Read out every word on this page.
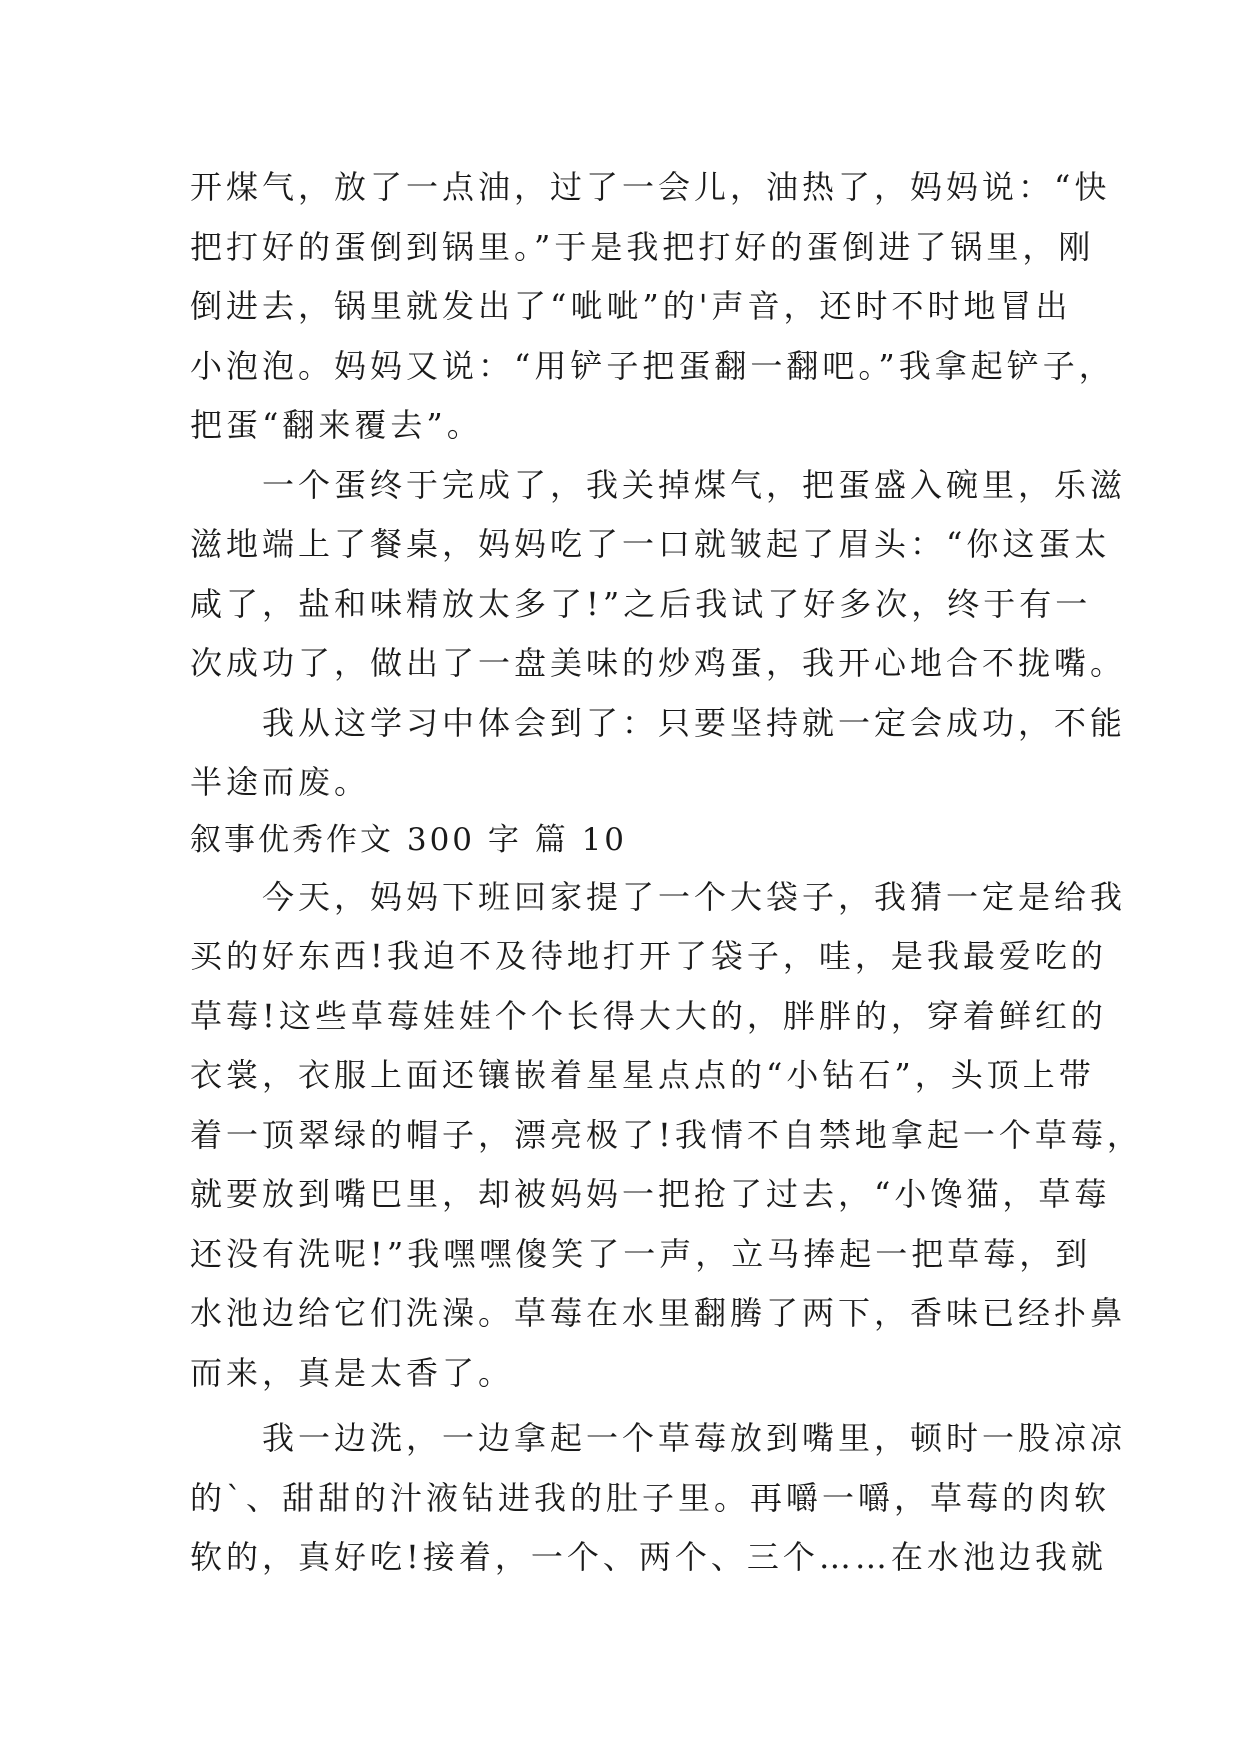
开煤气，放了一点油，过了一会儿，油热了，妈妈说：“快
把打好的蛋倒到锅里。”于是我把打好的蛋倒进了锅里，刚
倒进去，锅里就发出了“呲呲”的'声音，还时不时地冒出
小泡泡。妈妈又说：“用铲子把蛋翻一翻吧。”我拿起铲子，
把蛋“翻来覆去”。
　　一个蛋终于完成了，我关掉煤气，把蛋盛入碗里，乐滋
滋地端上了餐桌，妈妈吃了一口就皱起了眉头：“你这蛋太
咸了，盐和味精放太多了!”之后我试了好多次，终于有一
次成功了，做出了一盘美味的炒鸡蛋，我开心地合不拢嘴。
　　我从这学习中体会到了：只要坚持就一定会成功，不能
半途而废。
叙事优秀作文 300 字 篇 10
　　今天，妈妈下班回家提了一个大袋子，我猜一定是给我
买的好东西!我迫不及待地打开了袋子，哇，是我最爱吃的
草莓!这些草莓娃娃个个长得大大的，胖胖的，穿着鲜红的
衣裳，衣服上面还镶嵌着星星点点的“小钻石”，头顶上带
着一顶翠绿的帽子，漂亮极了!我情不自禁地拿起一个草莓，
就要放到嘴巴里，却被妈妈一把抢了过去，“小馋猫，草莓
还没有洗呢!”我嘿嘿傻笑了一声，立马捧起一把草莓，到
水池边给它们洗澡。草莓在水里翻腾了两下，香味已经扑鼻
而来，真是太香了。
　　我一边洗，一边拿起一个草莓放到嘴里，顿时一股凉凉
的`、甜甜的汁液钻进我的肚子里。再嚼一嚼，草莓的肉软
软的，真好吃!接着，一个、两个、三个……在水池边我就
